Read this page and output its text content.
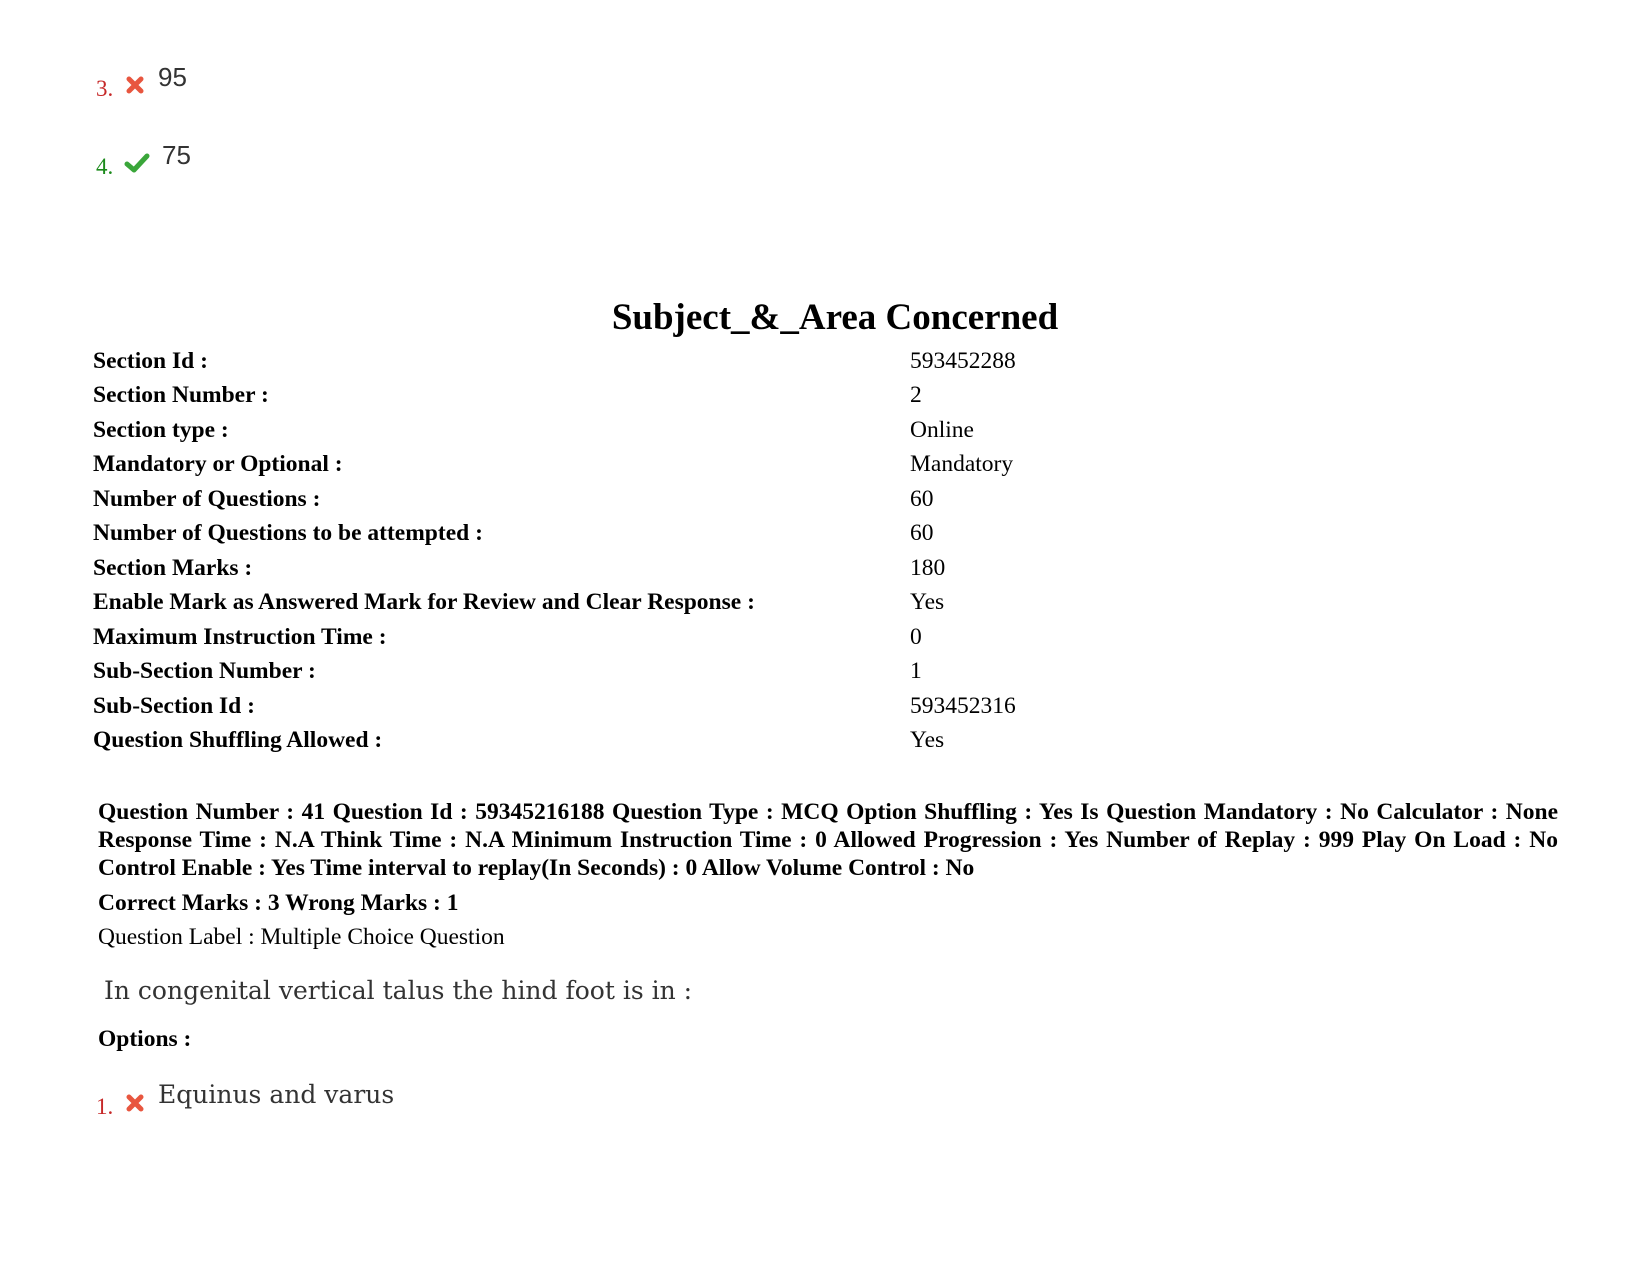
3.	95
4.	75
Subject_&_Area Concerned
Section Id :	593452288
Section Number :	2
Section type :	Online
Mandatory or Optional :	Mandatory
Number of Questions :	60
Number of Questions to be attempted :	60
Section Marks :	180
Enable Mark as Answered Mark for Review and Clear Response :	Yes
Maximum Instruction Time :	0
Sub-Section Number :	1
Sub-Section Id :	593452316
Question Shuffling Allowed :	Yes
Question Number : 41 Question Id : 59345216188 Question Type : MCQ Option Shuffling : Yes Is Question Mandatory : No Calculator : None Response Time : N.A Think Time : N.A Minimum Instruction Time : 0 Allowed Progression : Yes Number of Replay : 999 Play On Load : No Control Enable : Yes Time interval to replay(In Seconds) : 0 Allow Volume Control : No
Correct Marks : 3 Wrong Marks : 1
Question Label : Multiple Choice Question
In congenital vertical talus the hind foot is in :
Options :
1.	Equinus and varus
